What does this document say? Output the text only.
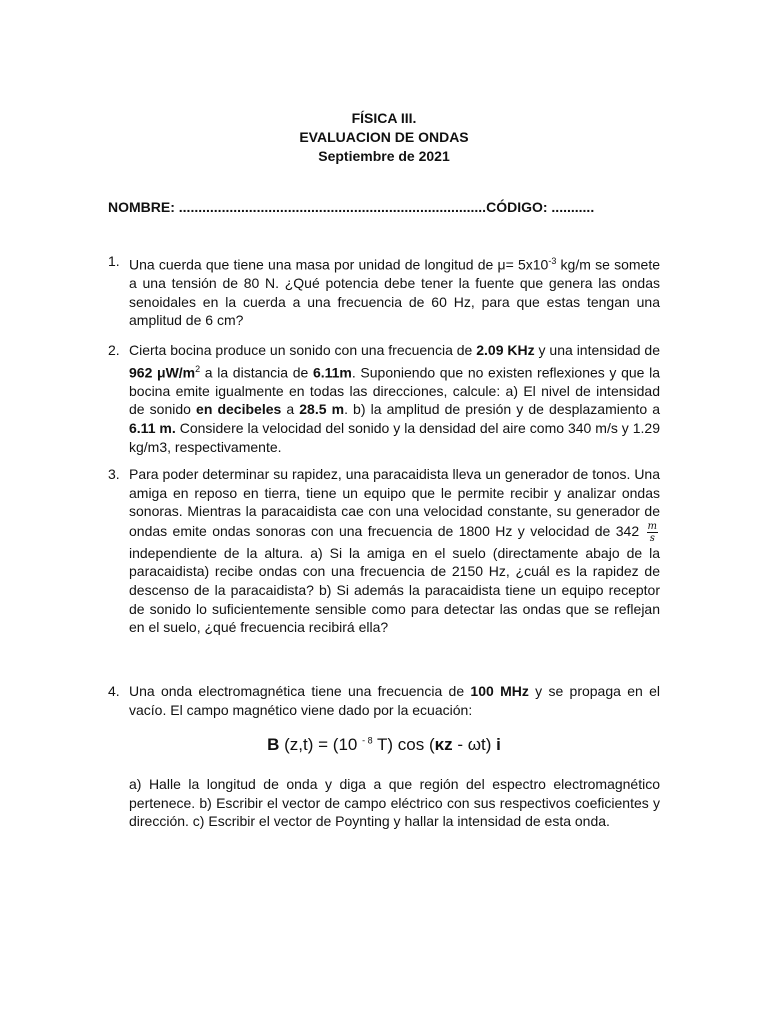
FÍSICA III.
EVALUACION DE ONDAS
Septiembre de 2021
NOMBRE: ...............................................................................CÓDIGO: ...........
1. Una cuerda que tiene una masa por unidad de longitud de $\mu= 5x10^{-3}$ kg/m se somete a una tensión de 80 N. ¿Qué potencia debe tener la fuente que genera las ondas senoidales en la cuerda a una frecuencia de 60 Hz, para que estas tengan una amplitud de 6 cm?
2. Cierta bocina produce un sonido con una frecuencia de 2.09 KHz y una intensidad de 962 $\mu W/m^2$ a la distancia de 6.11m. Suponiendo que no existen reflexiones y que la bocina emite igualmente en todas las direcciones, calcule: a) El nivel de intensidad de sonido en decibeles a 28.5 m. b) la amplitud de presión y de desplazamiento a 6.11 m. Considere la velocidad del sonido y la densidad del aire como 340 m/s y 1.29 kg/m3, respectivamente.
3. Para poder determinar su rapidez, una paracaidista lleva un generador de tonos. Una amiga en reposo en tierra, tiene un equipo que le permite recibir y analizar ondas sonoras. Mientras la paracaidista cae con una velocidad constante, su generador de ondas emite ondas sonoras con una frecuencia de 1800 Hz y velocidad de $342 \frac{m}{s}$
independiente de la altura. a) Si la amiga en el suelo (directamente abajo de la paracaidista) recibe ondas con una frecuencia de 2150 Hz, ¿cuál es la rapidez de descenso de la paracaidista? b) Si además la paracaidista tiene un equipo receptor de sonido lo suficientemente sensible como para detectar las ondas que se reflejan en el suelo, ¿qué frecuencia recibirá ella?
4. Una onda electromagnética tiene una frecuencia de 100 MHz y se propaga en el vacío. El campo magnético viene dado por la ecuación:
B (z,t) = (10 $^{- 8}$ T) cos (κz - ωt) i
a) Halle la longitud de onda y diga a que región del espectro electromagnético pertenece. b) Escribir el vector de campo eléctrico con sus respectivos coeficientes y dirección. c) Escribir el vector de Poynting y hallar la intensidad de esta onda.
